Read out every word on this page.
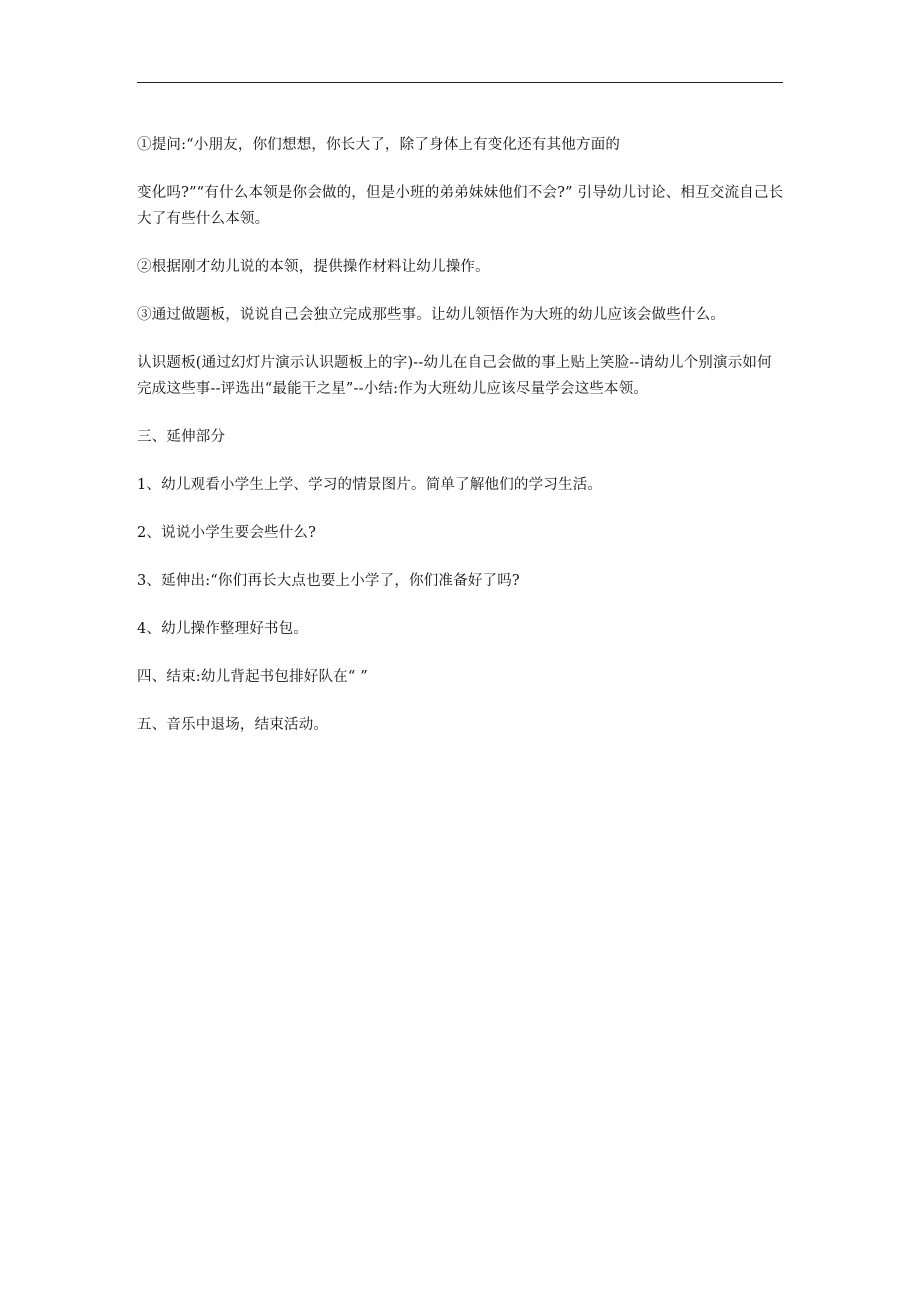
①提问:“小朋友，你们想想，你长大了，除了身体上有变化还有其他方面的

变化吗?”“有什么本领是你会做的，但是小班的弟弟妹妹他们不会?” 引导幼儿讨论、相互交流自己长大了有些什么本领。

②根据刚才幼儿说的本领，提供操作材料让幼儿操作。

③通过做题板，说说自己会独立完成那些事。让幼儿领悟作为大班的幼儿应该会做些什么。

认识题板(通过幻灯片演示认识题板上的字)--幼儿在自己会做的事上贴上笑脸--请幼儿个别演示如何完成这些事--评选出“最能干之星”--小结:作为大班幼儿应该尽量学会这些本领。

三、延伸部分

1、幼儿观看小学生上学、学习的情景图片。简单了解他们的学习生活。

2、说说小学生要会些什么?

3、延伸出:“你们再长大点也要上小学了，你们准备好了吗?

4、幼儿操作整理好书包。

四、结束:幼儿背起书包排好队在“ ”

五、音乐中退场，结束活动。
